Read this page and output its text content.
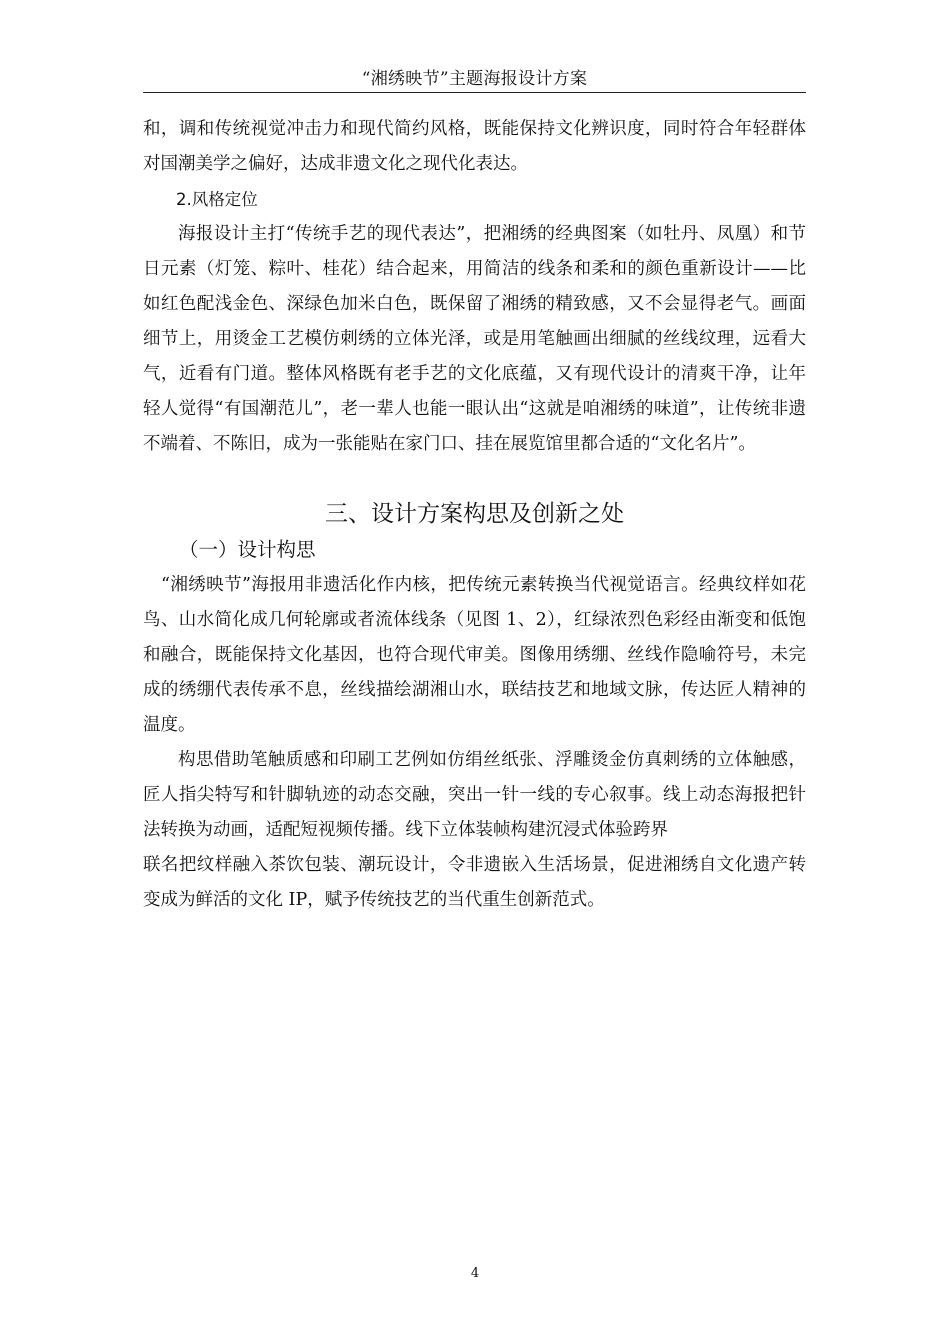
“湘绣映节”主题海报设计方案

和，调和传统视觉冲击力和现代简约风格，既能保持文化辨识度，同时符合年轻群体对国潮美学之偏好，达成非遗文化之现代化表达。

2.风格定位

海报设计主打“传统手艺的现代表达”，把湘绣的经典图案（如牡丹、凤凰）和节日元素（灯笼、粽叶、桂花）结合起来，用简洁的线条和柔和的颜色重新设计——比如红色配浅金色、深绿色加米白色，既保留了湘绣的精致感，又不会显得老气。画面细节上，用烫金工艺模仿刺绣的立体光泽，或是用笔触画出细腻的丝线纹理，远看大气，近看有门道。整体风格既有老手艺的文化底蕴，又有现代设计的清爽干净，让年轻人觉得“有国潮范儿”，老一辈人也能一眼认出“这就是咱湘绣的味道”，让传统非遗不端着、不陈旧，成为一张能贴在家门口、挂在展览馆里都合适的“文化名片”。

三、设计方案构思及创新之处

（一）设计构思

“湘绣映节”海报用非遗活化作内核，把传统元素转换当代视觉语言。经典纹样如花鸟、山水简化成几何轮廓或者流体线条（见图 1、2），红绿浓烈色彩经由渐变和低饱和融合，既能保持文化基因，也符合现代审美。图像用绣绷、丝线作隐喻符号，未完成的绣绷代表传承不息，丝线描绘湖湘山水，联结技艺和地域文脉，传达匠人精神的温度。

构思借助笔触质感和印刷工艺例如仿绢丝纸张、浮雕烫金仿真刺绣的立体触感，匠人指尖特写和针脚轨迹的动态交融，突出一针一线的专心叙事。线上动态海报把针法转换为动画，适配短视频传播。线下立体装帧构建沉浸式体验跨界

联名把纹样融入茶饮包装、潮玩设计，令非遗嵌入生活场景，促进湘绣自文化遗产转变成为鲜活的文化 IP，赋予传统技艺的当代重生创新范式。

4
